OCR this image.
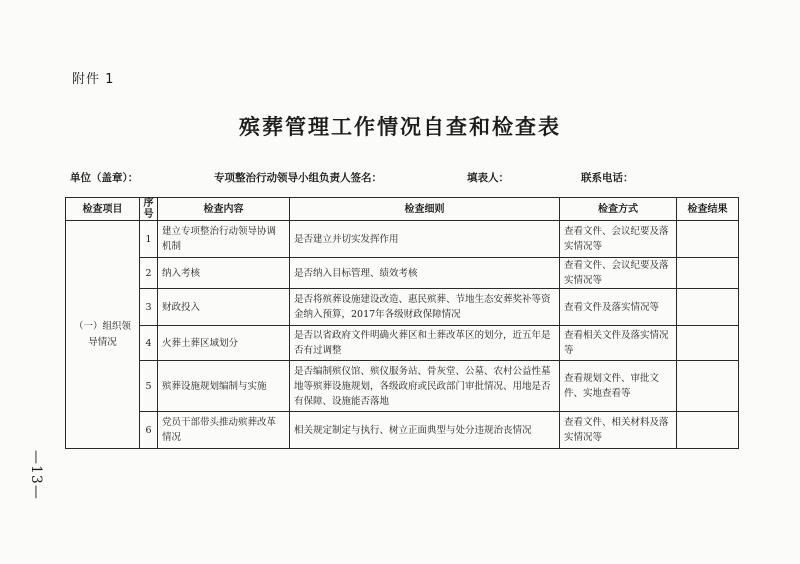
附件 1
殡葬管理工作情况自查和检查表
单位（盖章）：	专项整治行动领导小组负责人签名：	填表人：	联系电话：
检查项目	序号	检查内容	检查细则	检查方式	检查结果
（一）组织领导情况	1	建立专项整治行动领导协调机制	是否建立并切实发挥作用	查看文件、会议纪要及落实情况等	
	2	纳入考核	是否纳入目标管理、绩效考核	查看文件、会议纪要及落实情况等	
	3	财政投入	是否将殡葬设施建设改造、惠民殡葬、节地生态安葬奖补等资金纳入预算，2017年各级财政保障情况	查看文件及落实情况等	
	4	火葬土葬区域划分	是否以省政府文件明确火葬区和土葬改革区的划分，近五年是否有过调整	查看相关文件及落实情况等	
	5	殡葬设施规划编制与实施	是否编制殡仪馆、殡仪服务站、骨灰堂、公墓、农村公益性墓地等殡葬设施规划，各级政府或民政部门审批情况、用地是否有保障、设施能否落地	查看规划文件、审批文件、实地查看等	
	6	党员干部带头推动殡葬改革情况	相关规定制定与执行、树立正面典型与处分违规治丧情况	查看文件、相关材料及落实情况等	
—13—
